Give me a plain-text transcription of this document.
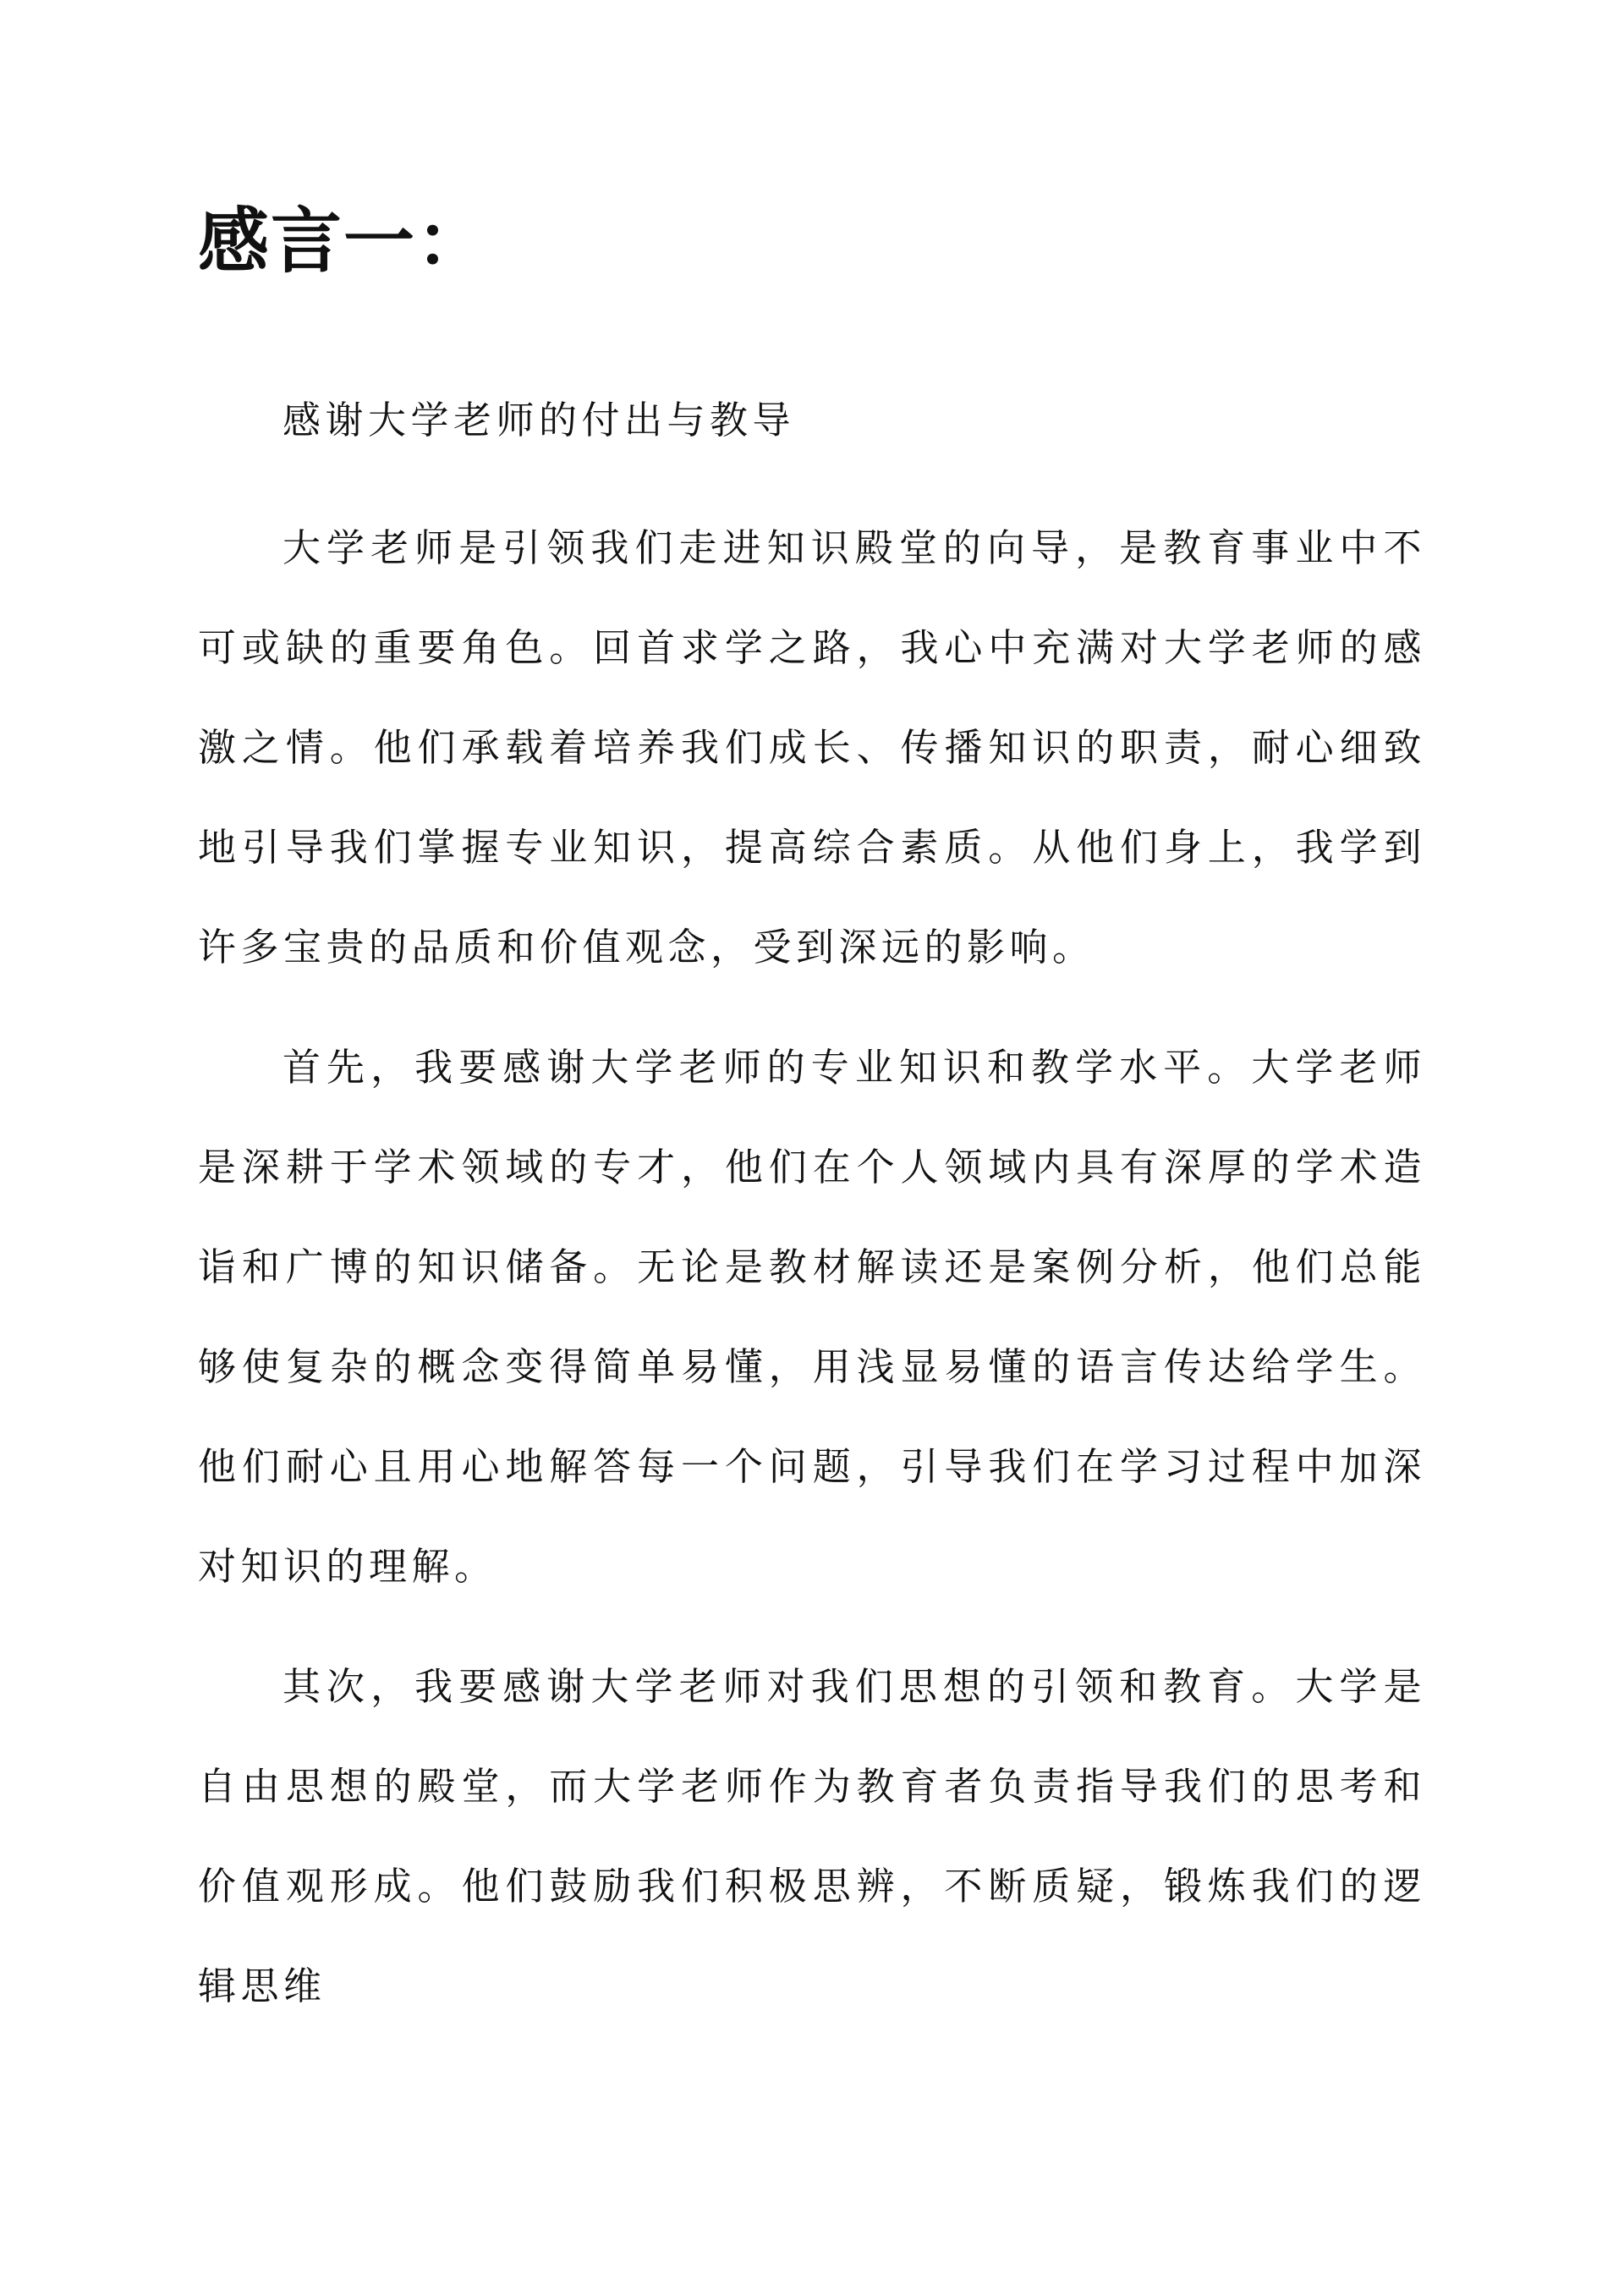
感言一：

感谢大学老师的付出与教导

大学老师是引领我们走进知识殿堂的向导，是教育事业中不可或缺的重要角色。回首求学之路，我心中充满对大学老师的感激之情。他们承载着培养我们成长、传播知识的职责，耐心细致地引导我们掌握专业知识，提高综合素质。从他们身上，我学到许多宝贵的品质和价值观念，受到深远的影响。

首先，我要感谢大学老师的专业知识和教学水平。大学老师是深耕于学术领域的专才，他们在个人领域内具有深厚的学术造诣和广博的知识储备。无论是教材解读还是案例分析，他们总能够使复杂的概念变得简单易懂，用浅显易懂的语言传达给学生。他们耐心且用心地解答每一个问题，引导我们在学习过程中加深对知识的理解。

其次，我要感谢大学老师对我们思想的引领和教育。大学是自由思想的殿堂，而大学老师作为教育者负责指导我们的思考和价值观形成。他们鼓励我们积极思辨，不断质疑，锻炼我们的逻辑思维
